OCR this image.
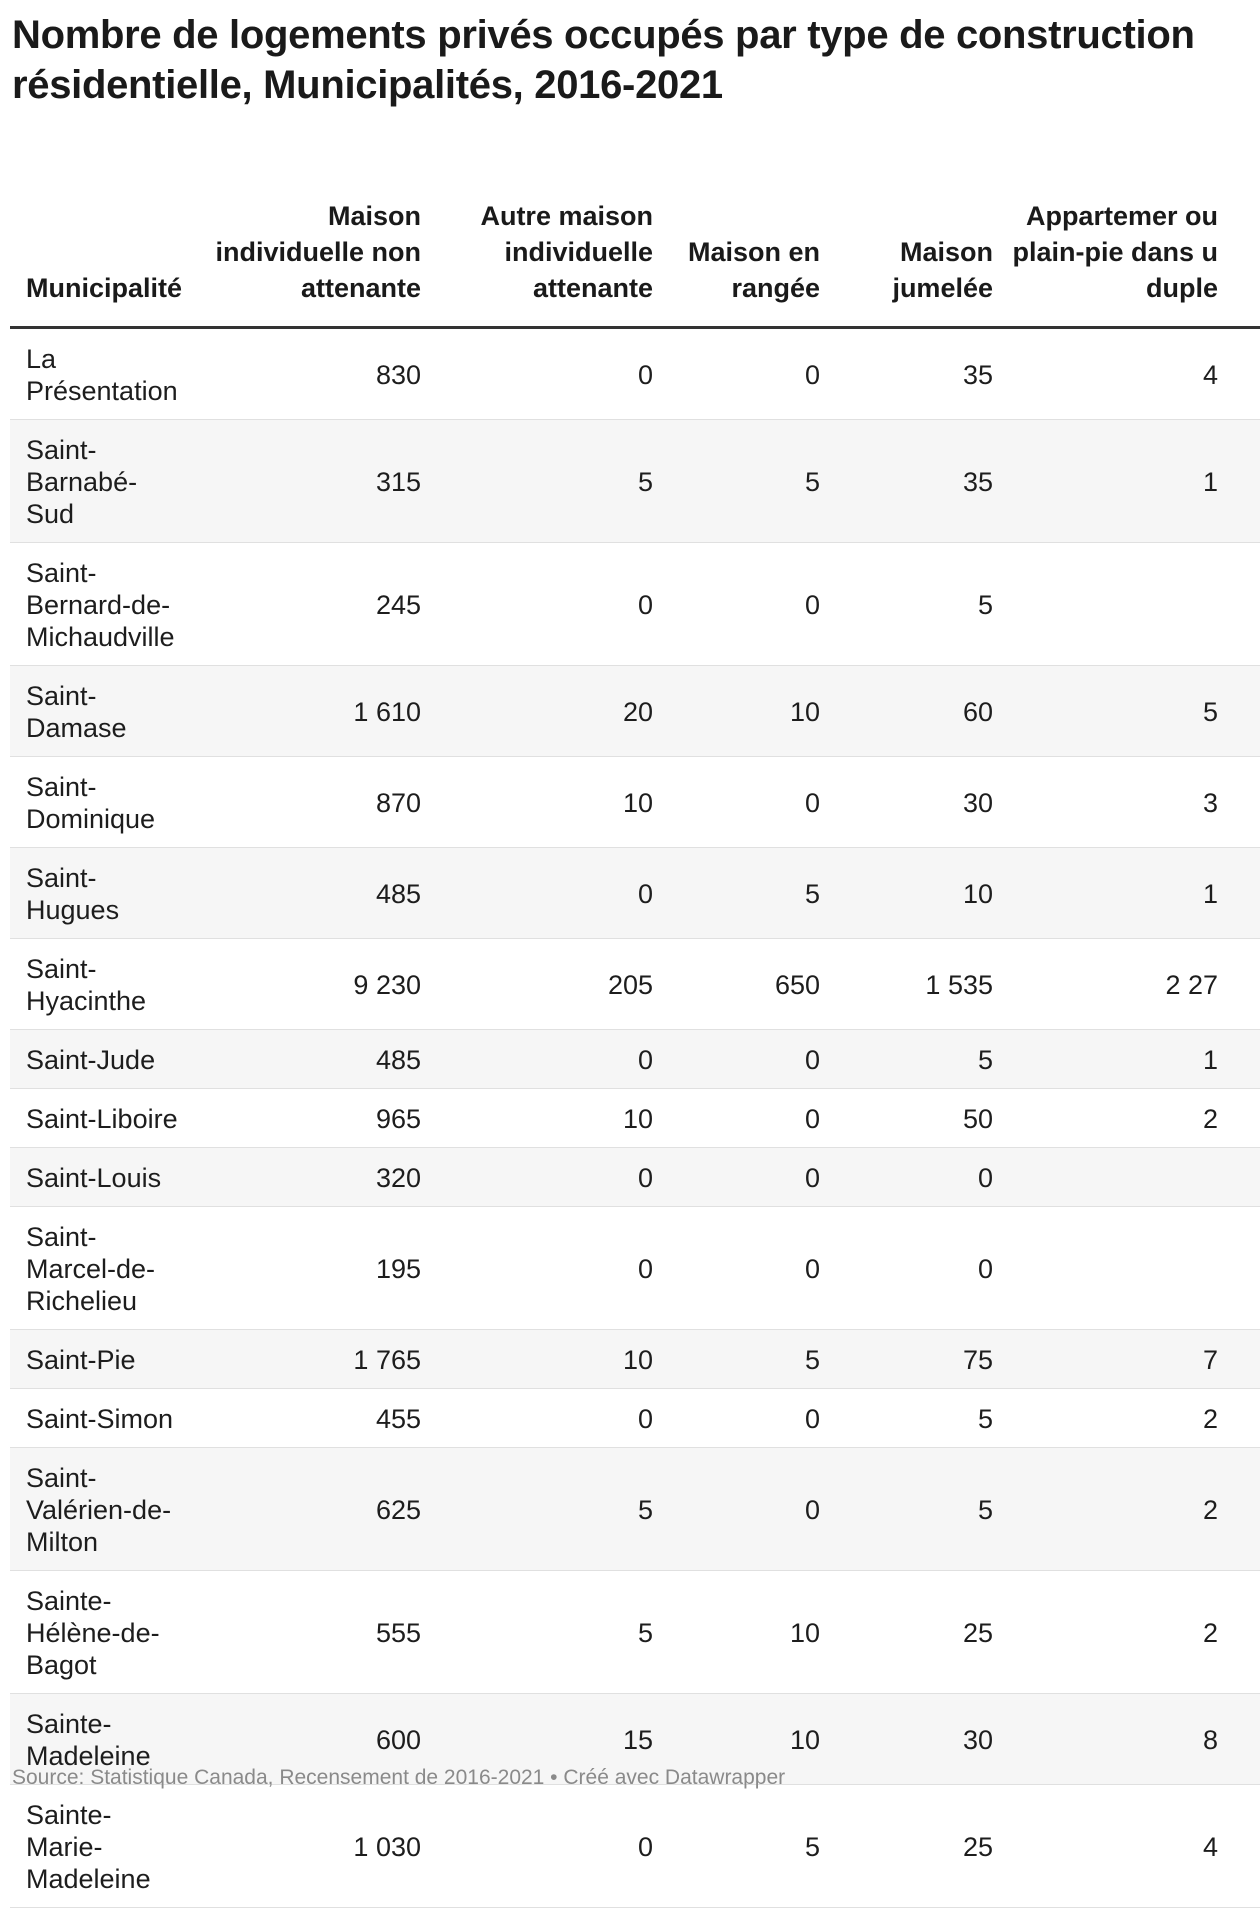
Nombre de logements privés occupés par type de construction résidentielle, Municipalités, 2016-2021
Municipalité	Maison individuelle non attenante	Autre maison individuelle attenante	Maison en rangée	Maison jumelée	Appartemer ou plain-pie dans u duple
La Présentation	830	0	0	35	4
Saint-Barnabé-Sud	315	5	5	35	1
Saint-Bernard-de-Michaudville	245	0	0	5	
Saint-Damase	1 610	20	10	60	5
Saint-Dominique	870	10	0	30	3
Saint-Hugues	485	0	5	10	1
Saint-Hyacinthe	9 230	205	650	1 535	2 27
Saint-Jude	485	0	0	5	1
Saint-Liboire	965	10	0	50	2
Saint-Louis	320	0	0	0	
Saint-Marcel-de-Richelieu	195	0	0	0	
Saint-Pie	1 765	10	5	75	7
Saint-Simon	455	0	0	5	2
Saint-Valérien-de-Milton	625	5	0	5	2
Sainte-Hélène-de-Bagot	555	5	10	25	2
Sainte-Madeleine	600	15	10	30	8
Sainte-Marie-Madeleine	1 030	0	5	25	4
Source: Statistique Canada, Recensement de 2016-2021 • Créé avec Datawrapper
